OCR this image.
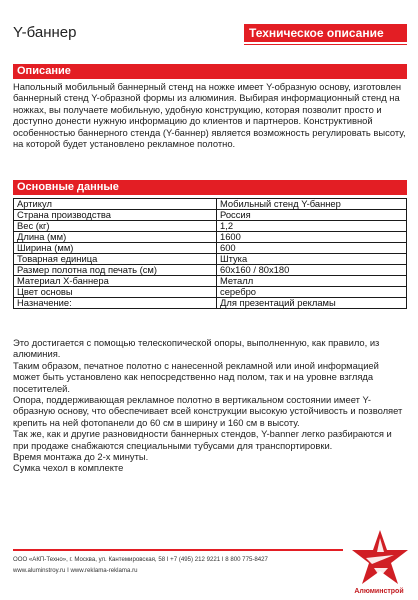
Y-баннер	Техническое описание
Описание

Напольный мобильный баннерный стенд на ножке имеет Y-образную основу, изготовлен баннерный стенд Y-образной формы из алюминия. Выбирая информационный стенд на ножках, вы получаете мобильную, удобную конструкцию, которая позволит просто и доступно донести нужную информацию до клиентов и партнеров. Конструктивной особенностью баннерного стенда (Y-баннер) является возможность регулировать высоту, на которой будет установлено рекламное полотно.

Основные данные
Артикул	Мобильный стенд Y-баннер
Страна производства	Россия
Вес (кг)	1,2
Длина (мм)	1600
Ширина (мм)	600
Товарная единица	Штука
Размер полотна под печать (см)	60х160 / 80х180
Материал Х-баннера	Металл
Цвет основы	серебро
Назначение:	Для презентаций рекламы

Это достигается с помощью телескопической опоры, выполненную, как правило, из алюминия.

Таким образом, печатное полотно с нанесенной рекламной или иной информацией может быть установлено как непосредственно над полом, так и на уровне взгляда посетителей.

Опора, поддерживающая рекламное полотно в вертикальном состоянии имеет Y-образную основу, что обеспечивает всей конструкции высокую устойчивость и позволяет крепить на ней фотопанели до 60 см в ширину и 160 см в высоту.

Так же, как и другие разновидности баннерных стендов, Y-banner легко разбираются и при продаже снабжаются специальными тубусами для транспортировки.

Время монтажа до 2-х минуты.

Сумка чехол в комплекте

ООО «АКП-Техно», г. Москва, ул. Кантемировская, 58 I +7 (495) 212 9221 I 8 800 775-8427
www.aluminstroy.ru I www.reklama-reklama.ru
Алюминстрой
